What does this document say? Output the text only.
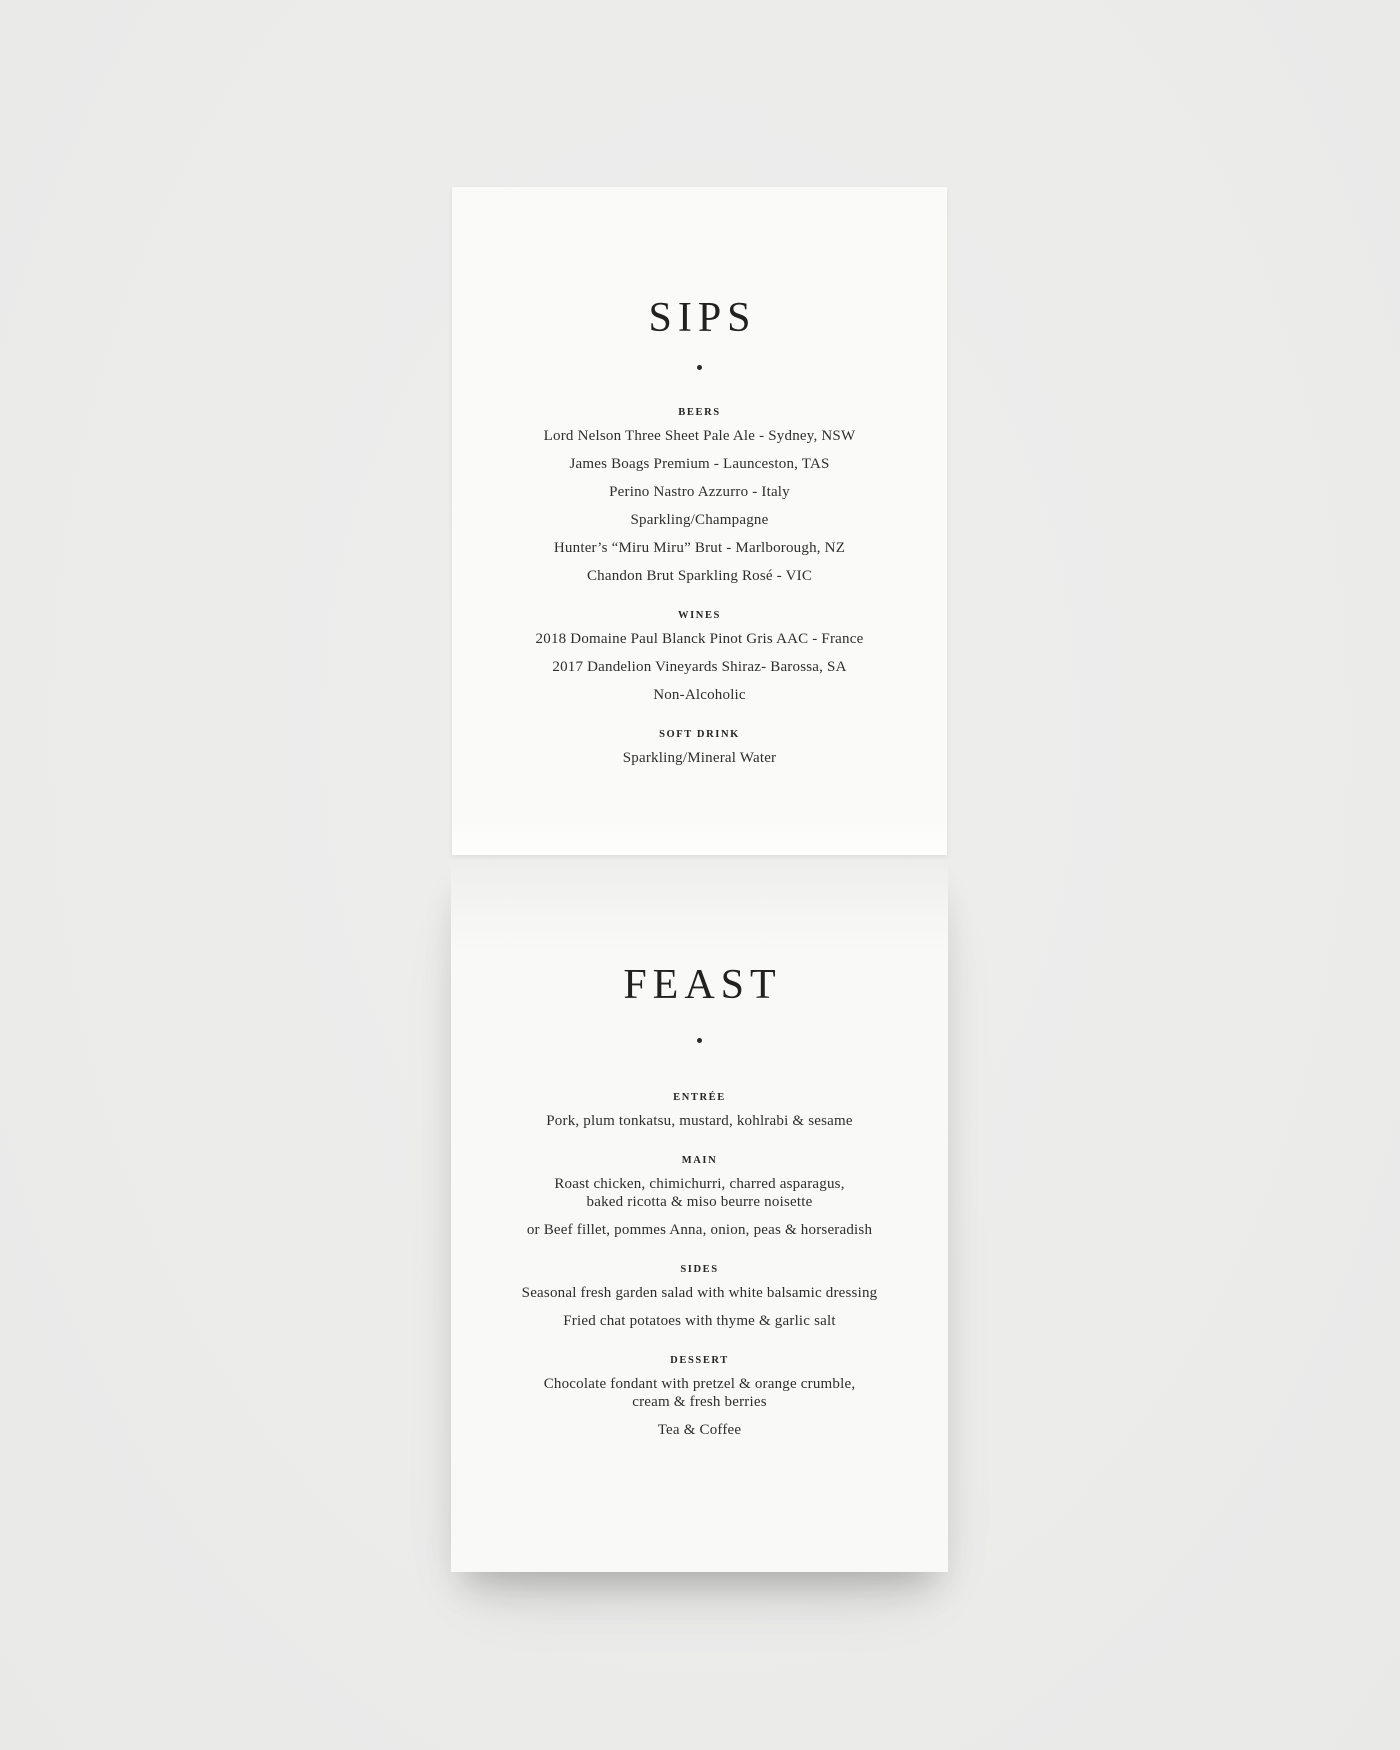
SIPS
BEERS
Lord Nelson Three Sheet Pale Ale - Sydney, NSW
James Boags Premium - Launceston, TAS
Perino Nastro Azzurro - Italy
Sparkling/Champagne
Hunter’s “Miru Miru” Brut - Marlborough, NZ
Chandon Brut Sparkling Rosé - VIC
WINES
2018 Domaine Paul Blanck Pinot Gris AAC - France
2017 Dandelion Vineyards Shiraz- Barossa, SA
Non-Alcoholic
SOFT DRINK
Sparkling/Mineral Water
FEAST
ENTRÉE
Pork, plum tonkatsu, mustard, kohlrabi & sesame
MAIN
Roast chicken, chimichurri, charred asparagus,
baked ricotta & miso beurre noisette
or Beef fillet, pommes Anna, onion, peas & horseradish
SIDES
Seasonal fresh garden salad with white balsamic dressing
Fried chat potatoes with thyme & garlic salt
DESSERT
Chocolate fondant with pretzel & orange crumble,
cream & fresh berries
Tea & Coffee
